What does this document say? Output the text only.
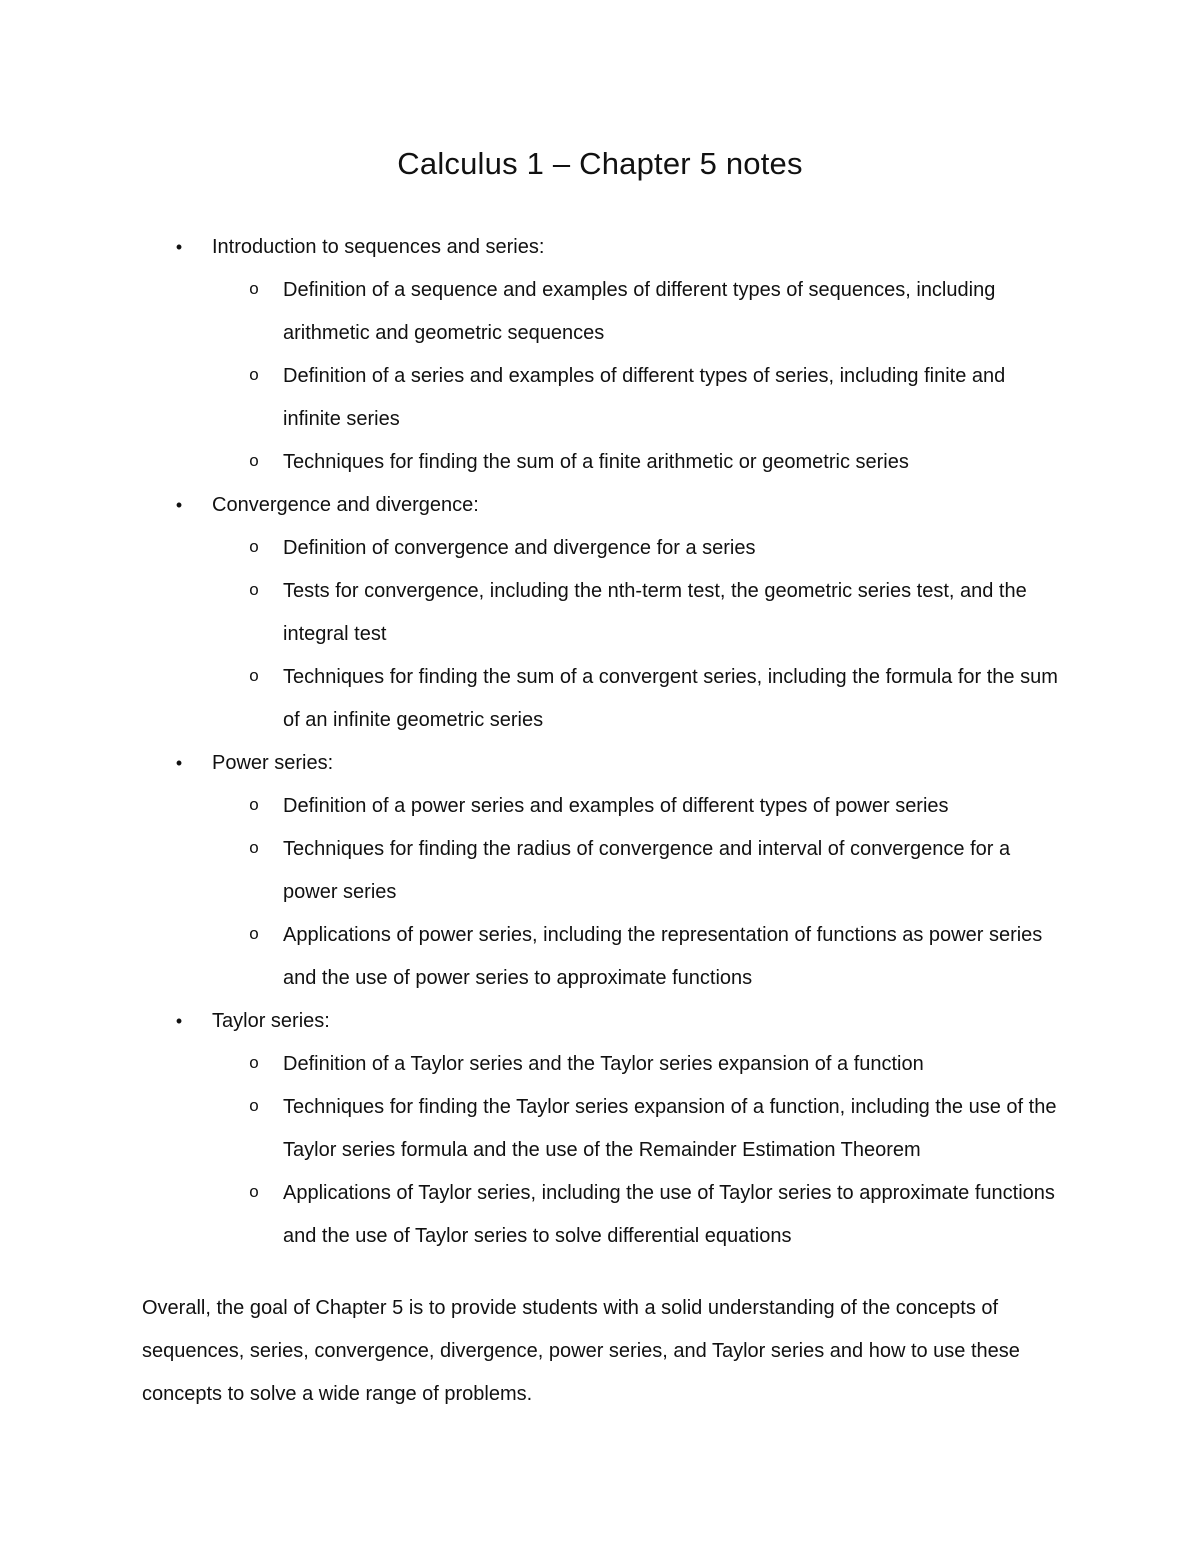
Calculus 1 – Chapter 5 notes
• Introduction to sequences and series:
o Definition of a sequence and examples of different types of sequences, including arithmetic and geometric sequences
o Definition of a series and examples of different types of series, including finite and infinite series
o Techniques for finding the sum of a finite arithmetic or geometric series
• Convergence and divergence:
o Definition of convergence and divergence for a series
o Tests for convergence, including the nth-term test, the geometric series test, and the integral test
o Techniques for finding the sum of a convergent series, including the formula for the sum of an infinite geometric series
• Power series:
o Definition of a power series and examples of different types of power series
o Techniques for finding the radius of convergence and interval of convergence for a power series
o Applications of power series, including the representation of functions as power series and the use of power series to approximate functions
• Taylor series:
o Definition of a Taylor series and the Taylor series expansion of a function
o Techniques for finding the Taylor series expansion of a function, including the use of the Taylor series formula and the use of the Remainder Estimation Theorem
o Applications of Taylor series, including the use of Taylor series to approximate functions and the use of Taylor series to solve differential equations

Overall, the goal of Chapter 5 is to provide students with a solid understanding of the concepts of sequences, series, convergence, divergence, power series, and Taylor series and how to use these concepts to solve a wide range of problems.
